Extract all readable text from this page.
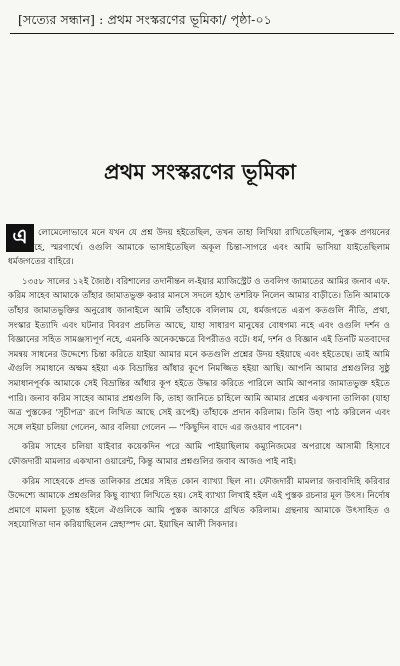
[সত্যের সন্ধান] : প্রথম সংস্করণের ভূমিকা/ পৃষ্ঠা-০১
প্রথম সংস্করণের ভূমিকা
এ	লোমেলোভাবে মনে যখন যে প্রশ্ন উদয় হইতেছিল, তখন তাহা লিখিয়া রাখিতেছিলাম, পুস্তক প্রণয়নের জন্য নহে, স্মরণার্থে। ওগুলি আমাকে ভাসাইতেছিল অকূল চিন্তা-সাগরে এবং আমি ভাসিয়া যাইতেছিলাম ধর্মজগতের বাহিরে।

১৩৫৮ সালের ১২ই জ্যৈষ্ঠ। বরিশালের তদানীন্তন ল-ইয়ার ম্যাজিস্ট্রেট ও তবলিগ জামাতের আমির জনাব এফ. করিম সাহেব আমাকে তাঁহার জামাতভুক্ত করার মানসে সদলে হঠাৎ তশরিফ নিলেন আমার বাড়ীতে। তিনি আমাকে তাঁহার জামাতভুক্তির অনুরোধ জানাইলে আমি তাঁহাকে বলিলাম যে, ধর্মজগতে এরূপ কতগুলি নীতি, প্রথা, সংস্কার ইত্যাদি এবং ঘটনার বিবরণ প্রচলিত আছে, যাহা সাধারণ মানুষের বোধগম্য নহে এবং ওগুলি দর্শন ও বিজ্ঞানের সহিত সামঞ্জস্যপূর্ণ নহে, এমনকি অনেকক্ষেত্রে বিপরীতও বটে। ধর্ম, দর্শন ও বিজ্ঞান এই তিনটি মতবাদের সমন্বয় সাধনের উদ্দেশ্যে চিন্তা করিতে যাইয়া আমার মনে কতগুলি প্রশ্নের উদয় হইয়াছে এবং হইতেছে। তাই আমি ঐগুলি সমাধানে অক্ষম হইয়া এক বিভ্রান্তির আঁধার কূপে নিমজ্জিত হইয়া আছি। আপনি আমার প্রশ্নগুলির সুষ্ঠু সমাধানপূর্বক আমাকে সেই বিভ্রান্তির আঁধার কূপ হইতে উদ্ধার করিতে পারিলে আমি আপনার জামাতভুক্ত হইতে পারি। জনাব করিম সাহেব আমার প্রশ্নগুলি কি, তাহা জানিতে চাহিলে আমি আমার প্রশ্নের একখানা তালিকা (যাহা অত্র পুস্তকের 'সূচীপত্র' রূপে লিখিত আছে সেই রূপেই) তাঁহাকে প্রদান করিলাম। তিনি উহা পাঠ করিলেন এবং সঙ্গে লইয়া চলিয়া গেলেন, আর বলিয়া গেলেন — "কিছুদিন বাদে এর জওয়াব পাবেন"।

করিম সাহেব চলিয়া যাইবার কয়েকদিন পরে আমি পাইয়াছিলাম কম্যুনিজমের অপরাধে আসামী হিসাবে ফৌজদারী মামলার একখানা ওয়ারেন্ট, কিন্তু আমার প্রশ্নগুলির জবাব আজও পাই নাই।

করিম সাহেবকে প্রদত্ত তালিকার প্রশ্নের সহিত কোন ব্যাখ্যা ছিল না। ফৌজদারী মামলার জবাবদিহি করিবার উদ্দেশ্যে আমাকে প্রশ্নগুলির কিছু ব্যাখ্যা লিখিতে হয়। সেই ব্যাখ্যা লিখাই হইল এই পুস্তক রচনার মূল উৎস। নির্দোষ প্রমাণে মামলা চূড়ান্ত হইলে ঐগুলিকে আমি পুস্তক আকারে গ্রথিত করিলাম। গ্রন্থনায় আমাকে উৎসাহিত ও সহযোগিতা দান করিয়াছিলেন স্নেহাস্পদ মো. ইয়াছিন আলী সিকদার।
